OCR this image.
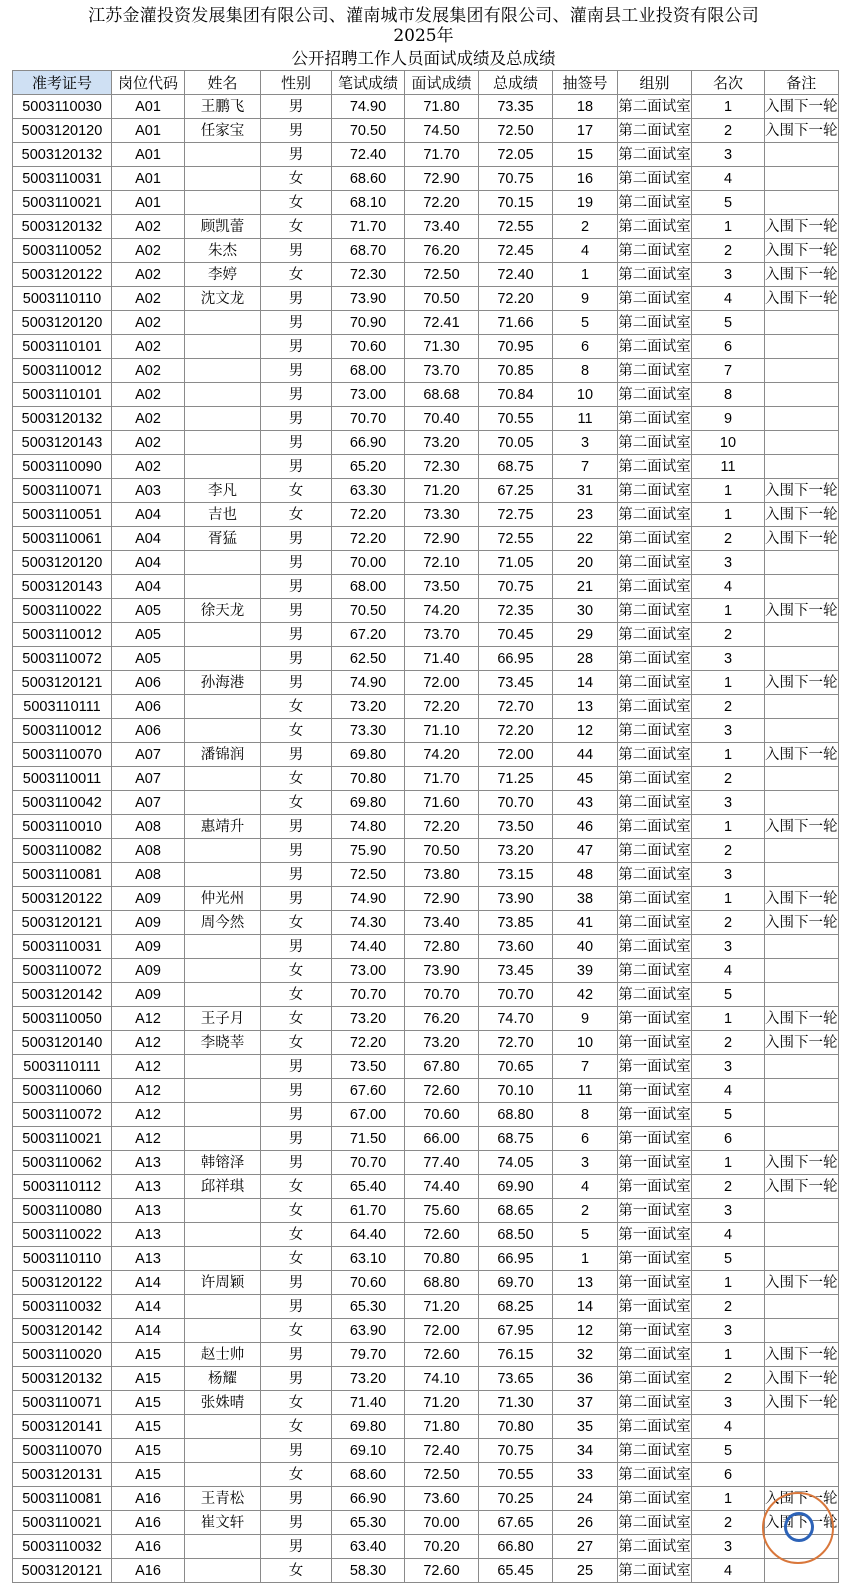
江苏金灌投资发展集团有限公司、灌南城市发展集团有限公司、灌南县工业投资有限公司
2025年
公开招聘工作人员面试成绩及总成绩
准考证号	岗位代码	姓名	性别	笔试成绩	面试成绩	总成绩	抽签号	组别	名次	备注
5003110030	A01	王鹏飞	男	74.90	71.80	73.35	18	第二面试室	1	入围下一轮
5003120120	A01	任家宝	男	70.50	74.50	72.50	17	第二面试室	2	入围下一轮
5003120132	A01		男	72.40	71.70	72.05	15	第二面试室	3	
5003110031	A01		女	68.60	72.90	70.75	16	第二面试室	4	
5003110021	A01		女	68.10	72.20	70.15	19	第二面试室	5	
5003120132	A02	顾凯蕾	女	71.70	73.40	72.55	2	第二面试室	1	入围下一轮
5003110052	A02	朱杰	男	68.70	76.20	72.45	4	第二面试室	2	入围下一轮
5003120122	A02	李婷	女	72.30	72.50	72.40	1	第二面试室	3	入围下一轮
5003110110	A02	沈文龙	男	73.90	70.50	72.20	9	第二面试室	4	入围下一轮
5003120120	A02		男	70.90	72.41	71.66	5	第二面试室	5	
5003110101	A02		男	70.60	71.30	70.95	6	第二面试室	6	
5003110012	A02		男	68.00	73.70	70.85	8	第二面试室	7	
5003110101	A02		男	73.00	68.68	70.84	10	第二面试室	8	
5003120132	A02		男	70.70	70.40	70.55	11	第二面试室	9	
5003120143	A02		男	66.90	73.20	70.05	3	第二面试室	10	
5003110090	A02		男	65.20	72.30	68.75	7	第二面试室	11	
5003110071	A03	李凡	女	63.30	71.20	67.25	31	第二面试室	1	入围下一轮
5003110051	A04	吉也	女	72.20	73.30	72.75	23	第二面试室	1	入围下一轮
5003110061	A04	胥猛	男	72.20	72.90	72.55	22	第二面试室	2	入围下一轮
5003120120	A04		男	70.00	72.10	71.05	20	第二面试室	3	
5003120143	A04		男	68.00	73.50	70.75	21	第二面试室	4	
5003110022	A05	徐天龙	男	70.50	74.20	72.35	30	第二面试室	1	入围下一轮
5003110012	A05		男	67.20	73.70	70.45	29	第二面试室	2	
5003110072	A05		男	62.50	71.40	66.95	28	第二面试室	3	
5003120121	A06	孙海港	男	74.90	72.00	73.45	14	第二面试室	1	入围下一轮
5003110111	A06		女	73.20	72.20	72.70	13	第二面试室	2	
5003110012	A06		女	73.30	71.10	72.20	12	第二面试室	3	
5003110070	A07	潘锦润	男	69.80	74.20	72.00	44	第二面试室	1	入围下一轮
5003110011	A07		女	70.80	71.70	71.25	45	第二面试室	2	
5003110042	A07		女	69.80	71.60	70.70	43	第二面试室	3	
5003110010	A08	惠靖升	男	74.80	72.20	73.50	46	第二面试室	1	入围下一轮
5003110082	A08		男	75.90	70.50	73.20	47	第二面试室	2	
5003110081	A08		男	72.50	73.80	73.15	48	第二面试室	3	
5003120122	A09	仲光州	男	74.90	72.90	73.90	38	第二面试室	1	入围下一轮
5003120121	A09	周今然	女	74.30	73.40	73.85	41	第二面试室	2	入围下一轮
5003110031	A09		男	74.40	72.80	73.60	40	第二面试室	3	
5003110072	A09		女	73.00	73.90	73.45	39	第二面试室	4	
5003120142	A09		女	70.70	70.70	70.70	42	第二面试室	5	
5003110050	A12	王子月	女	73.20	76.20	74.70	9	第一面试室	1	入围下一轮
5003120140	A12	李晓莘	女	72.20	73.20	72.70	10	第一面试室	2	入围下一轮
5003110111	A12		男	73.50	67.80	70.65	7	第一面试室	3	
5003110060	A12		男	67.60	72.60	70.10	11	第一面试室	4	
5003110072	A12		男	67.00	70.60	68.80	8	第一面试室	5	
5003110021	A12		男	71.50	66.00	68.75	6	第一面试室	6	
5003110062	A13	韩镕泽	男	70.70	77.40	74.05	3	第一面试室	1	入围下一轮
5003110112	A13	邱祥琪	女	65.40	74.40	69.90	4	第一面试室	2	入围下一轮
5003110080	A13		女	61.70	75.60	68.65	2	第一面试室	3	
5003110022	A13		女	64.40	72.60	68.50	5	第一面试室	4	
5003110110	A13		女	63.10	70.80	66.95	1	第一面试室	5	
5003120122	A14	许周颖	男	70.60	68.80	69.70	13	第一面试室	1	入围下一轮
5003110032	A14		男	65.30	71.20	68.25	14	第一面试室	2	
5003120142	A14		女	63.90	72.00	67.95	12	第一面试室	3	
5003110020	A15	赵士帅	男	79.70	72.60	76.15	32	第二面试室	1	入围下一轮
5003120132	A15	杨耀	男	73.20	74.10	73.65	36	第二面试室	2	入围下一轮
5003110071	A15	张姝晴	女	71.40	71.20	71.30	37	第二面试室	3	入围下一轮
5003120141	A15		女	69.80	71.80	70.80	35	第二面试室	4	
5003110070	A15		男	69.10	72.40	70.75	34	第二面试室	5	
5003120131	A15		女	68.60	72.50	70.55	33	第二面试室	6	
5003110081	A16	王青松	男	66.90	73.60	70.25	24	第二面试室	1	入围下一轮
5003110021	A16	崔文轩	男	65.30	70.00	67.65	26	第二面试室	2	入围下一轮
5003110032	A16		男	63.40	70.20	66.80	27	第二面试室	3	
5003120121	A16		女	58.30	72.60	65.45	25	第二面试室	4	
